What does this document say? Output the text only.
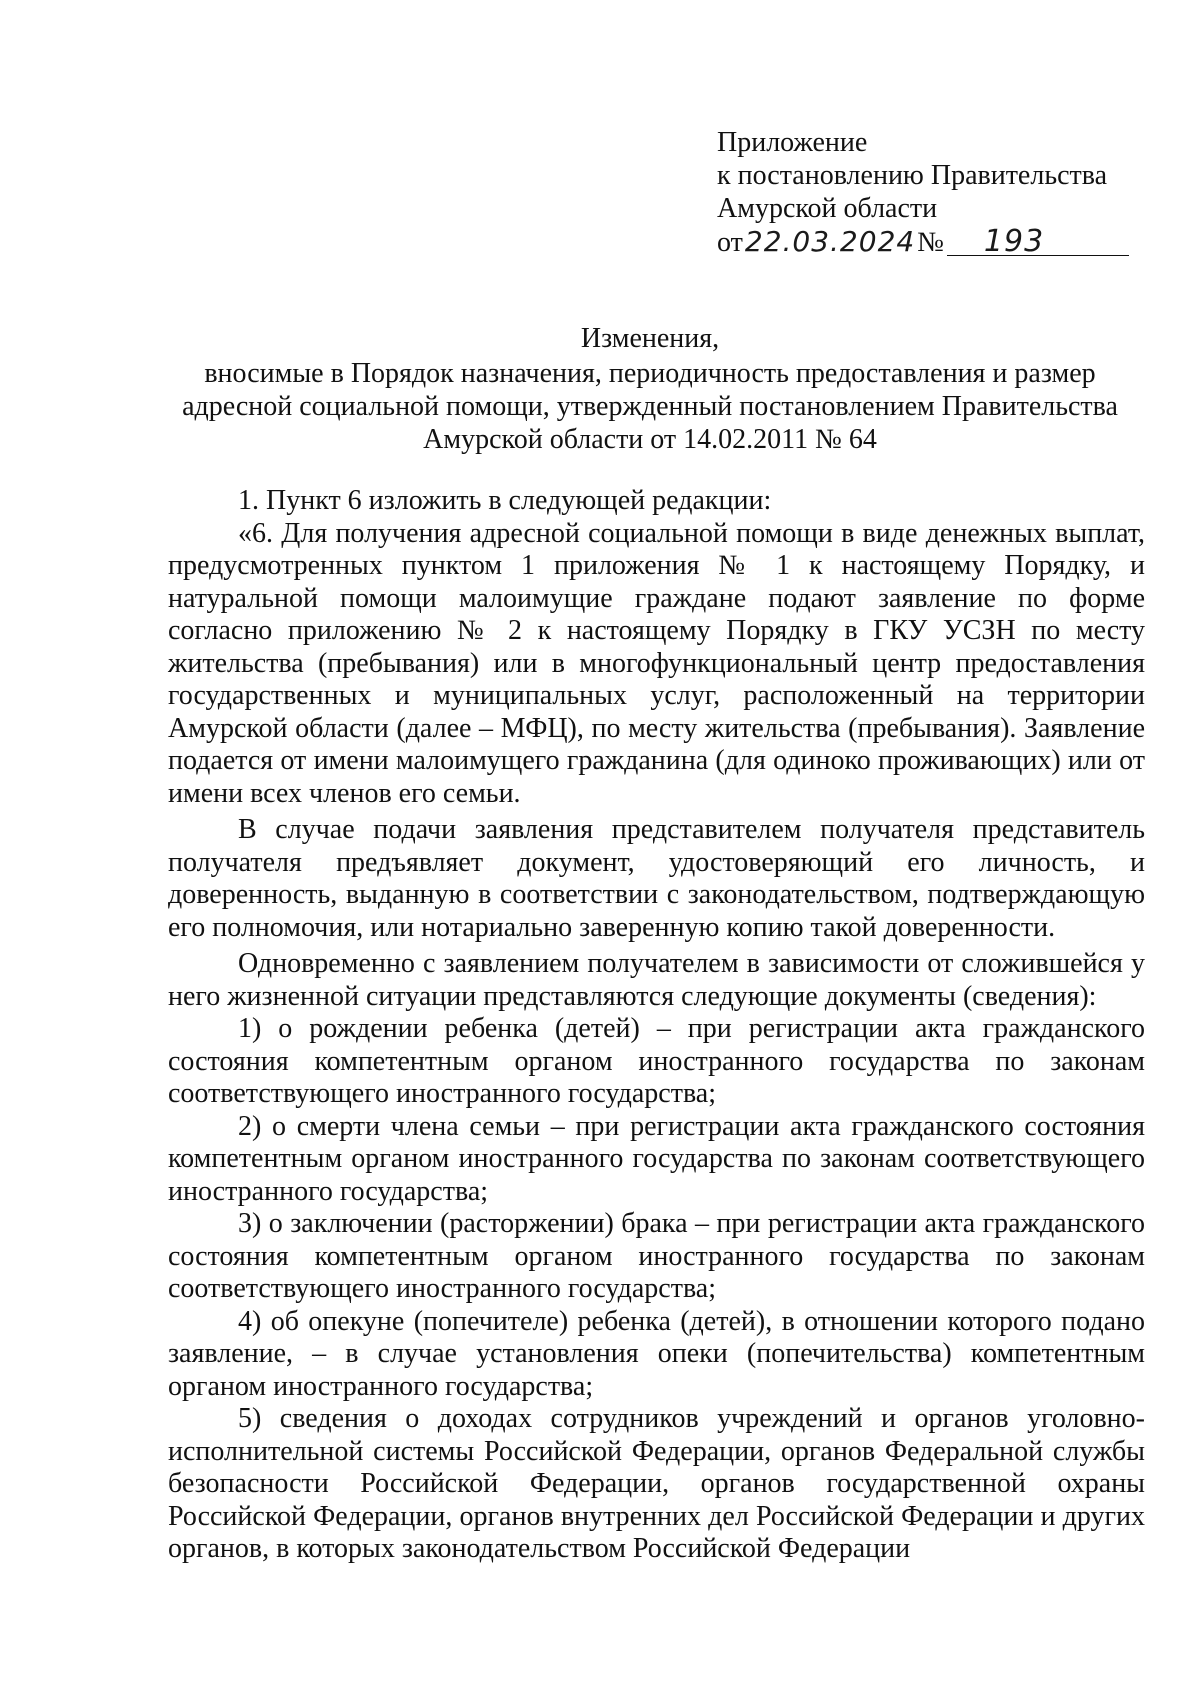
Приложение
к постановлению Правительства
Амурской области
от22.03.2024№ 193
Изменения,
вносимые в Порядок назначения, периодичность предоставления и размер адресной социальной помощи, утвержденный постановлением Правительства Амурской области от 14.02.2011 № 64

1. Пункт 6 изложить в следующей редакции:

«6. Для получения адресной социальной помощи в виде денежных выплат, предусмотренных пунктом 1 приложения № 1 к настоящему Порядку, и натуральной помощи малоимущие граждане подают заявление по форме согласно приложению № 2 к настоящему Порядку в ГКУ УСЗН по месту жительства (пребывания) или в многофункциональный центр предоставления государственных и муниципальных услуг, расположенный на территории Амурской области (далее – МФЦ), по месту жительства (пребывания). Заявление подается от имени малоимущего гражданина (для одиноко проживающих) или от имени всех членов его семьи.

В случае подачи заявления представителем получателя представитель получателя предъявляет документ, удостоверяющий его личность, и доверенность, выданную в соответствии с законодательством, подтверждающую его полномочия, или нотариально заверенную копию такой доверенности.

Одновременно с заявлением получателем в зависимости от сложившейся у него жизненной ситуации представляются следующие документы (сведения):

1) о рождении ребенка (детей) – при регистрации акта гражданского состояния компетентным органом иностранного государства по законам соответствующего иностранного государства;

2) о смерти члена семьи – при регистрации акта гражданского состояния компетентным органом иностранного государства по законам соответствующего иностранного государства;

3) о заключении (расторжении) брака – при регистрации акта гражданского состояния компетентным органом иностранного государства по законам соответствующего иностранного государства;

4) об опекуне (попечителе) ребенка (детей), в отношении которого подано заявление, – в случае установления опеки (попечительства) компетентным органом иностранного государства;

5) сведения о доходах сотрудников учреждений и органов уголовно-исполнительной системы Российской Федерации, органов Федеральной службы безопасности Российской Федерации, органов государственной охраны Российской Федерации, органов внутренних дел Российской Федерации и других органов, в которых законодательством Российской Федерации
